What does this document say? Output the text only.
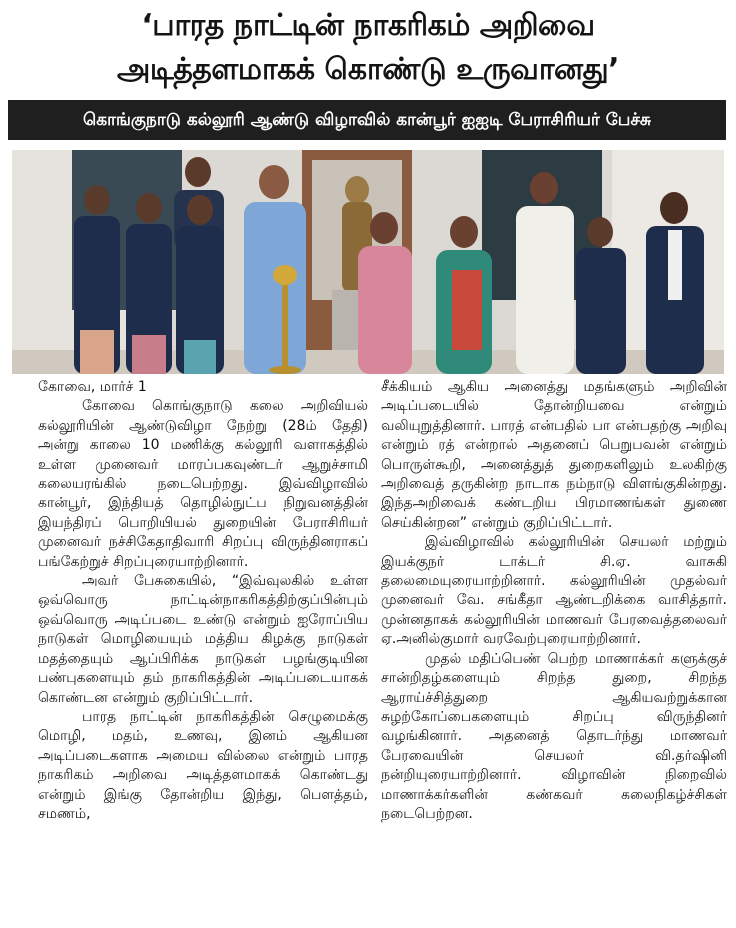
‘பாரத நாட்டின் நாகரிகம் அறிவை
அடித்தளமாகக் கொண்டு உருவானது’
கொங்குநாடு கல்லூரி ஆண்டு விழாவில் கான்பூர் ஐஐடி பேராசிரியர் பேச்சு

கோவை, மார்ச் 1

கோவை கொங்குநாடு கலை அறிவியல் கல்லூரியின் ஆண்டுவிழா நேற்று (28ம் தேதி) அன்று காலை 10 மணிக்கு கல்லூரி வளாகத்தில் உள்ள முனைவர் மாரப்பகவுண்டர் ஆறுச்சாமி கலையரங்கில் நடைபெற்றது. இவ்விழாவில் கான்பூர், இந்தியத் தொழில்நுட்ப நிறுவனத்தின் இயந்திரப் பொறியியல் துறையின் பேராசிரியர் முனைவர் நச்சிகேதாதிவாரி சிறப்பு விருந்தினராகப் பங்கேற்றுச் சிறப்புரையாற்றினார்.

அவர் பேசுகையில், “இவ்வுலகில் உள்ள ஒவ்வொரு நாட்டின்நாகரிகத்திற்குப்பின்பும் ஒவ்வொரு அடிப்படை உண்டு என்றும் ஐரோப்பிய நாடுகள் மொழியையும் மத்திய கிழக்கு நாடுகள் மதத்தையும் ஆப்பிரிக்க நாடுகள் பழங்குடியின பண்புகளையும் தம் நாகரிகத்தின் அடிப்படையாகக் கொண்டன என்றும் குறிப்பிட்டார்.

பாரத நாட்டின் நாகரிகத்தின் செழுமைக்கு மொழி, மதம், உணவு, இனம் ஆகியன அடிப்படைகளாக அமைய வில்லை என்றும் பாரத நாகரிகம் அறிவை அடித்தளமாகக் கொண்டது என்றும் இங்கு தோன்றிய இந்து, பௌத்தம், சமணம்,

சீக்கியம் ஆகிய அனைத்து மதங்களும் அறிவின் அடிப்படையில் தோன்றியவை என்றும் வலியுறுத்தினார். பாரத் என்பதில் பா என்பதற்கு அறிவு என்றும் ரத் என்றால் அதனைப் பெறுபவன் என்றும் பொருள்கூறி, அனைத்துத் துறைகளிலும் உலகிற்கு அறிவைத் தருகின்ற நாடாக நம்நாடு விளங்குகின்றது. இந்தஅறிவைக் கண்டறிய பிரமாணங்கள் துணை செய்கின்றன” என்றும் குறிப்பிட்டார்.

இவ்விழாவில் கல்லூரியின் செயலர் மற்றும் இயக்குநர் டாக்டர் சி.ஏ. வாசுகி தலைமையுரையாற்றினார். கல்லூரியின் முதல்வர் முனைவர் வே. சங்கீதா ஆண்டறிக்கை வாசித்தார். முன்னதாகக் கல்லூரியின் மாணவர் பேரவைத்தலைவர் ஏ.அனில்குமார் வரவேற்புரையாற்றினார்.

முதல் மதிப்பெண் பெற்ற மாணாக்கர் களுக்குச் சான்றிதழ்களையும் சிறந்த துறை, சிறந்த ஆராய்ச்சித்துறை ஆகியவற்றுக்கான சுழற்கோப்பைகளையும் சிறப்பு விருந்தினர் வழங்கினார். அதனைத் தொடர்ந்து மாணவர் பேரவையின் செயலர் வி.தர்ஷினி நன்றியுரையாற்றினார். விழாவின் நிறைவில் மாணாக்கர்களின் கண்கவர் கலைநிகழ்ச்சிகள் நடைபெற்றன.
